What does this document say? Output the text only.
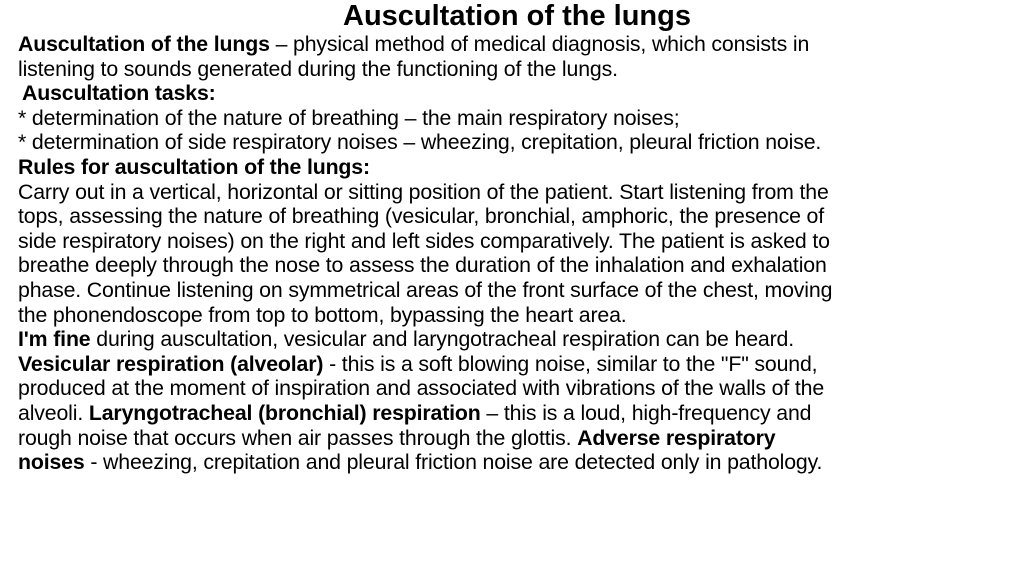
Auscultation of the lungs
Auscultation of the lungs – physical method of medical diagnosis, which consists in
listening to sounds generated during the functioning of the lungs.
Auscultation tasks:
* determination of the nature of breathing – the main respiratory noises;
* determination of side respiratory noises – wheezing, crepitation, pleural friction noise.
Rules for auscultation of the lungs:
Carry out in a vertical, horizontal or sitting position of the patient. Start listening from the
tops, assessing the nature of breathing (vesicular, bronchial, amphoric, the presence of
side respiratory noises) on the right and left sides comparatively. The patient is asked to
breathe deeply through the nose to assess the duration of the inhalation and exhalation
phase. Continue listening on symmetrical areas of the front surface of the chest, moving
the phonendoscope from top to bottom, bypassing the heart area.
I'm fine during auscultation, vesicular and laryngotracheal respiration can be heard.
Vesicular respiration (alveolar) - this is a soft blowing noise, similar to the "F" sound,
produced at the moment of inspiration and associated with vibrations of the walls of the
alveoli. Laryngotracheal (bronchial) respiration – this is a loud, high-frequency and
rough noise that occurs when air passes through the glottis. Adverse respiratory
noises - wheezing, crepitation and pleural friction noise are detected only in pathology.
